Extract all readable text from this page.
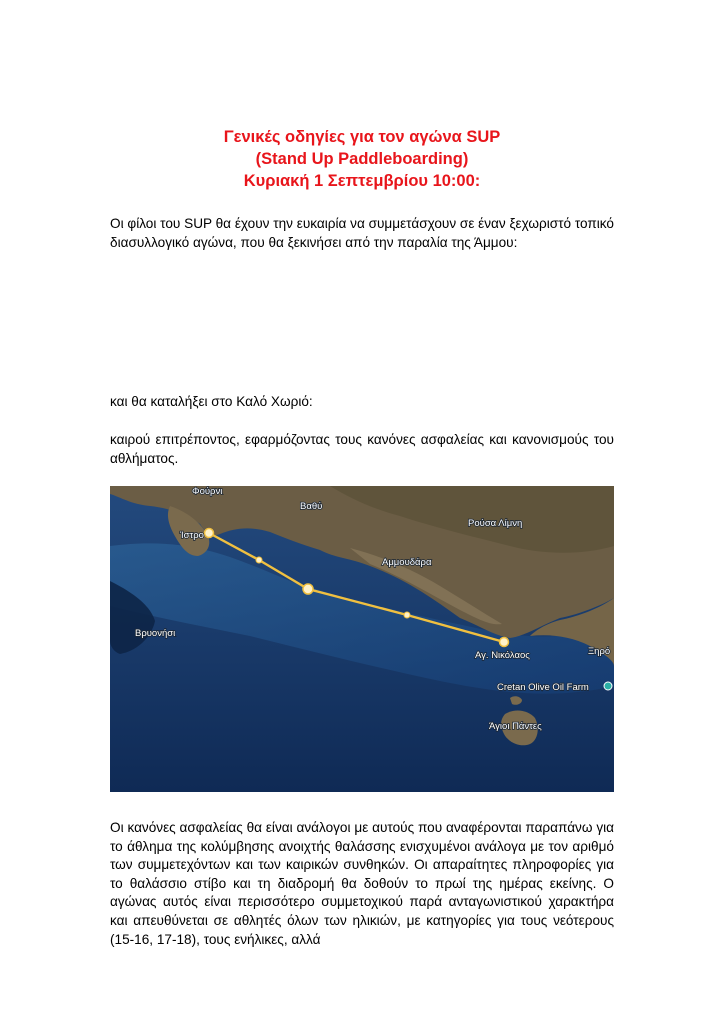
Γενικές οδηγίες για τον αγώνα SUP
(Stand Up Paddleboarding)
Κυριακή 1 Σεπτεμβρίου 10:00:
Οι φίλοι του SUP θα έχουν την ευκαιρία να συμμετάσχουν σε έναν ξεχωριστό τοπικό διασυλλογικό αγώνα, που θα ξεκινήσει από την παραλία της Άμμου:
και θα καταλήξει στο Καλό Χωριό:
καιρού επιτρέποντος, εφαρμόζοντας τους κανόνες ασφαλείας και κανονισμούς του αθλήματος.
Φούρνι
Βαθύ
Ίστρο
Ρούσα Λίμνη
Αμμουδάρα
Βρυονήσι
Αγ. Νικόλαος	Ξηρό
Cretan Olive Oil Farm
Άγιοι Πάντες
Οι κανόνες ασφαλείας θα είναι ανάλογοι με αυτούς που αναφέρονται παραπάνω για το άθλημα της κολύμβησης ανοιχτής θαλάσσης ενισχυμένοι ανάλογα με τον αριθμό των συμμετεχόντων και των καιρικών συνθηκών. Οι απαραίτητες πληροφορίες για το θαλάσσιο στίβο και τη διαδρομή θα δοθούν το πρωί της ημέρας εκείνης. Ο αγώνας αυτός είναι περισσότερο συμμετοχικού παρά ανταγωνιστικού χαρακτήρα και απευθύνεται σε αθλητές όλων των ηλικιών, με κατηγορίες για τους νεότερους (15-16, 17-18), τους ενήλικες, αλλά
